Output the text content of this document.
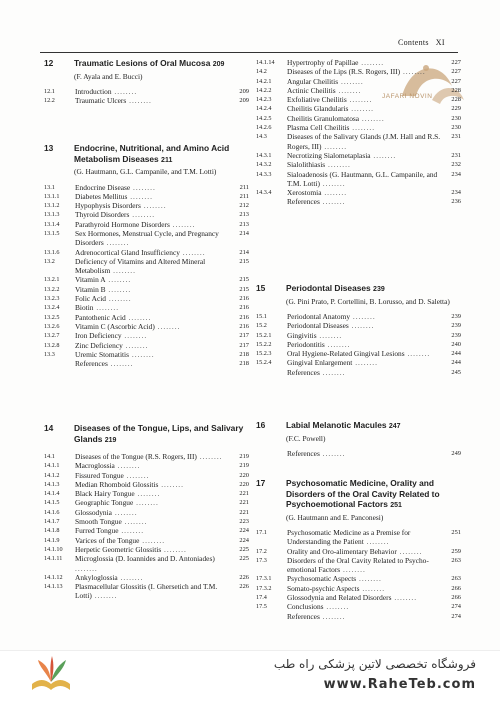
Contents XI
JAFARI NOVIN
12	Traumatic Lesions of Oral Mucosa 209
(F. Ayala and E. Bucci)
12.1	Introduction ........	209
12.2	Traumatic Ulcers ........	209
13	Endocrine, Nutritional, and Amino Acid Metabolism Diseases 211
(G. Hautmann, G.L. Campanile, and T.M. Lotti)
13.1	Endocrine Disease ........	211
13.1.1	Diabetes Mellitus ........	211
13.1.2	Hypophysis Disorders ........	212
13.1.3	Thyroid Disorders ........	213
13.1.4	Parathyroid Hormone Disorders ........	213
13.1.5	Sex Hormones, Menstrual Cycle, and Pregnancy Disorders ........
214
13.1.6	Adrenocortical Gland Insufficiency ........	214
13.2	Deficiency of Vitamins and Altered Mineral Metabolism ........
215
13.2.1	Vitamin A ........	215
13.2.2	Vitamin B ........	215
13.2.3	Folic Acid ........	216
13.2.4	Biotin ........	216
13.2.5	Pantothenic Acid ........	216
13.2.6	Vitamin C (Ascorbic Acid) ........	216
13.2.7	Iron Deficiency ........	217
13.2.8	Zinc Deficiency ........	217
13.3	Uremic Stomatitis ........	218
References ........	218
14	Diseases of the Tongue, Lips, and Salivary Glands 219
14.1	Diseases of the Tongue (R.S. Rogers, III) ........	219
14.1.1	Macroglossia ........	219
14.1.2	Fissured Tongue ........	220
14.1.3	Median Rhomboid Glossitis ........	220
14.1.4	Black Hairy Tongue ........	221
14.1.5	Geographic Tongue ........	221
14.1.6	Glossodynia ........	221
14.1.7	Smooth Tongue ........	223
14.1.8	Furred Tongue ........	224
14.1.9	Varices of the Tongue ........	224
14.1.10	Herpetic Geometric Glossitis ........	225
14.1.11	Microglossia (D. Ioannides and D. Antoniades) ........
225
14.1.12	Ankyloglossia ........	226
14.1.13	Plasmacellular Glossitis (I. Ghersetich and T.M. Lotti) ........
226
14.1.14	Hypertrophy of Papillae ........	227
14.2	Diseases of the Lips (R.S. Rogers, III) ........	227
14.2.1	Angular Cheilitis ........	227
14.2.2	Actinic Cheilitis ........	228
14.2.3	Exfoliative Cheilitis ........	228
14.2.4	Cheilitis Glandularis ........	229
14.2.5	Cheilitis Granulomatosa ........	230
14.2.6	Plasma Cell Cheilitis ........	230
14.3	Diseases of the Salivary Glands (J.M. Hall and R.S. Rogers, III) ........
231
14.3.1	Necrotizing Sialometaplasia ........	231
14.3.2	Sialolithiasis ........	232
14.3.3	Sialoadenosis (G. Hautmann, G.L. Campanile, and T.M. Lotti) ........
234
14.3.4	Xerostomia ........	234
References ........	236
15	Periodontal Diseases 239
(G. Pini Prato, P. Cortellini, B. Lorusso, and D. Saletta)
15.1	Periodontal Anatomy ........	239
15.2	Periodontal Diseases ........	239
15.2.1	Gingivitis ........	239
15.2.2	Periodontitis ........	240
15.2.3	Oral Hygiene-Related Gingival Lesions ........	244
15.2.4	Gingival Enlargement ........	244
References ........	245
16	Labial Melanotic Macules 247
(F.C. Powell)
References ........	249
17	Psychosomatic Medicine, Orality and Disorders of the Oral Cavity Related to Psychoemotional Factors 251
(G. Hautmann and E. Panconesi)
17.1	Psychosomatic Medicine as a Premise for Understanding the Patient ........
251
17.2	Orality and Oro-alimentary Behavior ........	259
17.3	Disorders of the Oral Cavity Related to Psycho-emotional Factors ........
263
17.3.1	Psychosomatic Aspects ........	263
17.3.2	Somato-psychic Aspects ........	266
17.4	Glossodynia and Related Disorders ........	266
17.5	Conclusions ........	274
References ........	274
فروشگاه تخصصی لاتین پزشکی راه طب
www.RaheTeb.com
